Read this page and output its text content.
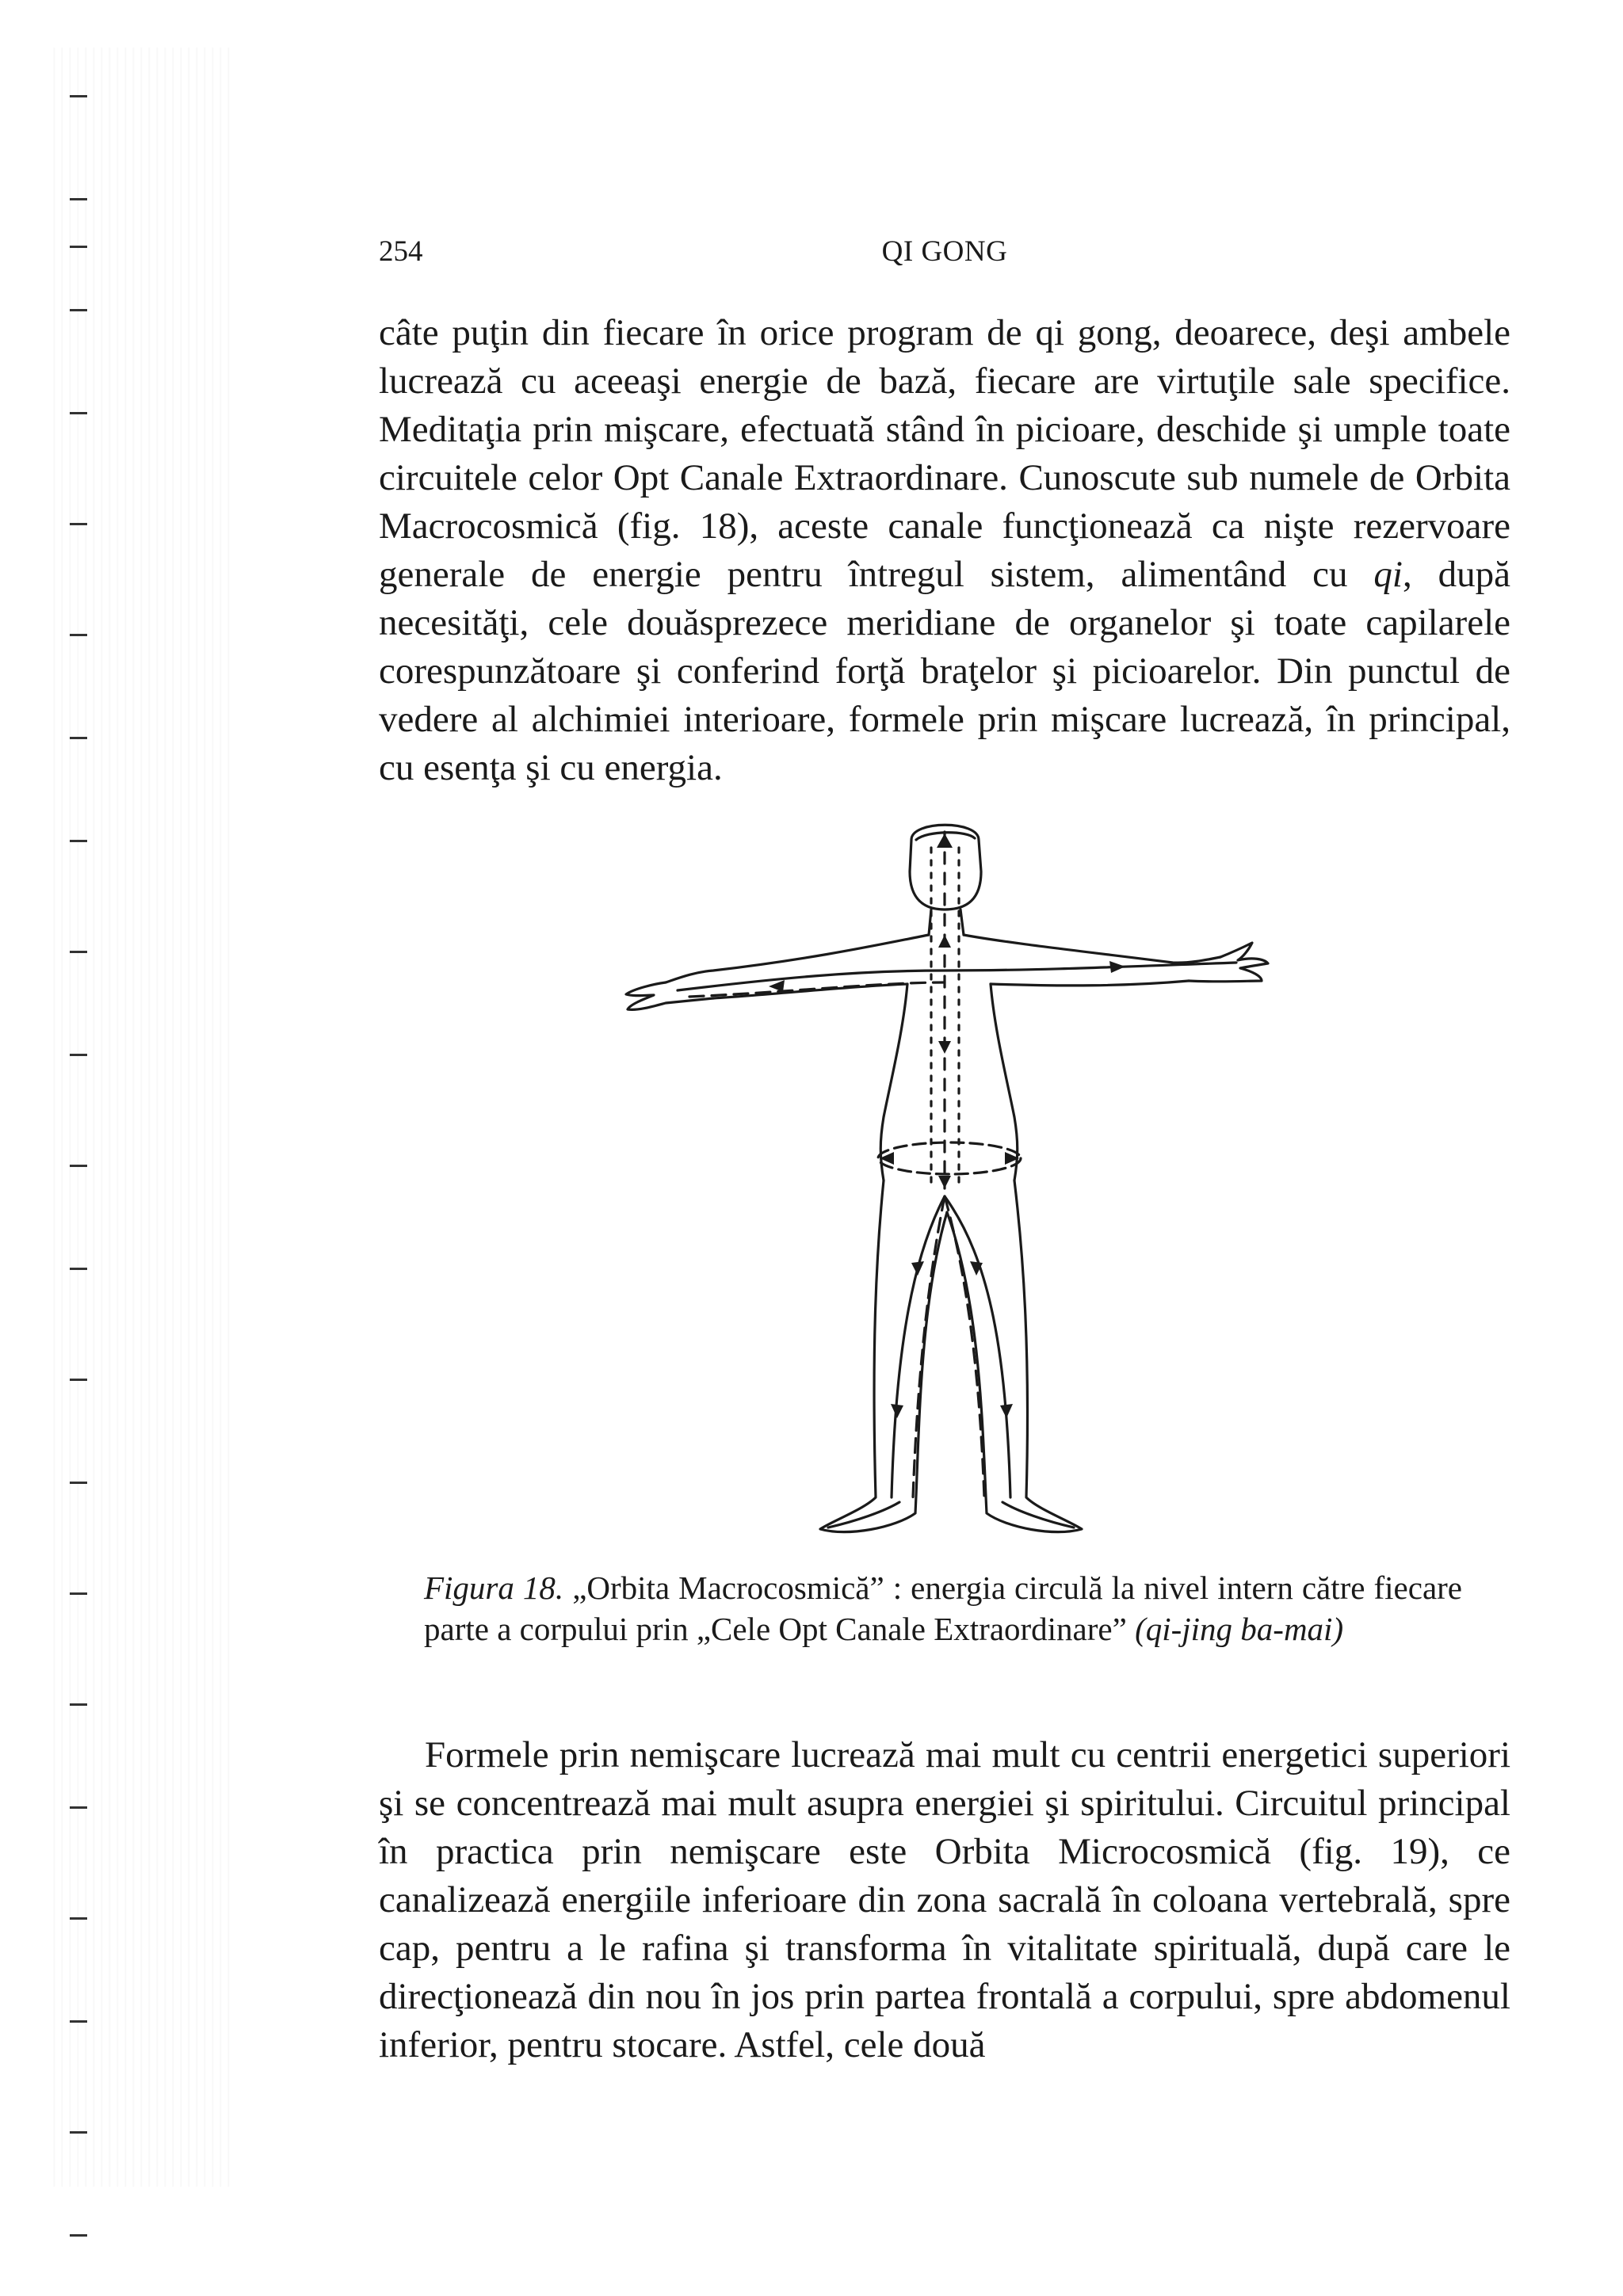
254	QI GONG

câte puţin din fiecare în orice program de qi gong, deoarece, deşi ambele lucrează cu aceeaşi energie de bază, fiecare are virtuţile sale specifice. Meditaţia prin mişcare, efectuată stând în picioare, deschide şi umple toate circuitele celor Opt Canale Extraordinare. Cunoscute sub numele de Orbita Macrocosmică (fig. 18), aceste canale funcţionează ca nişte rezervoare generale de energie pentru întregul sistem, alimentând cu qi, după necesităţi, cele douăsprezece meridiane de organelor şi toate capilarele corespunzătoare şi conferind forţă braţelor şi picioarelor. Din punctul de vedere al alchimiei interioare, formele prin mişcare lucrează, în principal, cu esenţa şi cu energia.

Figura 18. „Orbita Macrocosmică” : energia circulă la nivel intern către fiecare parte a corpului prin „Cele Opt Canale Extraordinare” (qi-jing ba-mai)

Formele prin nemişcare lucrează mai mult cu centrii energetici superiori şi se concentrează mai mult asupra energiei şi spiritului. Circuitul principal în practica prin nemişcare este Orbita Microcosmică (fig. 19), ce canalizează energiile inferioare din zona sacrală în coloana vertebrală, spre cap, pentru a le rafina şi transforma în vitalitate spirituală, după care le direcţionează din nou în jos prin partea frontală a corpului, spre abdomenul inferior, pentru stocare. Astfel, cele două
